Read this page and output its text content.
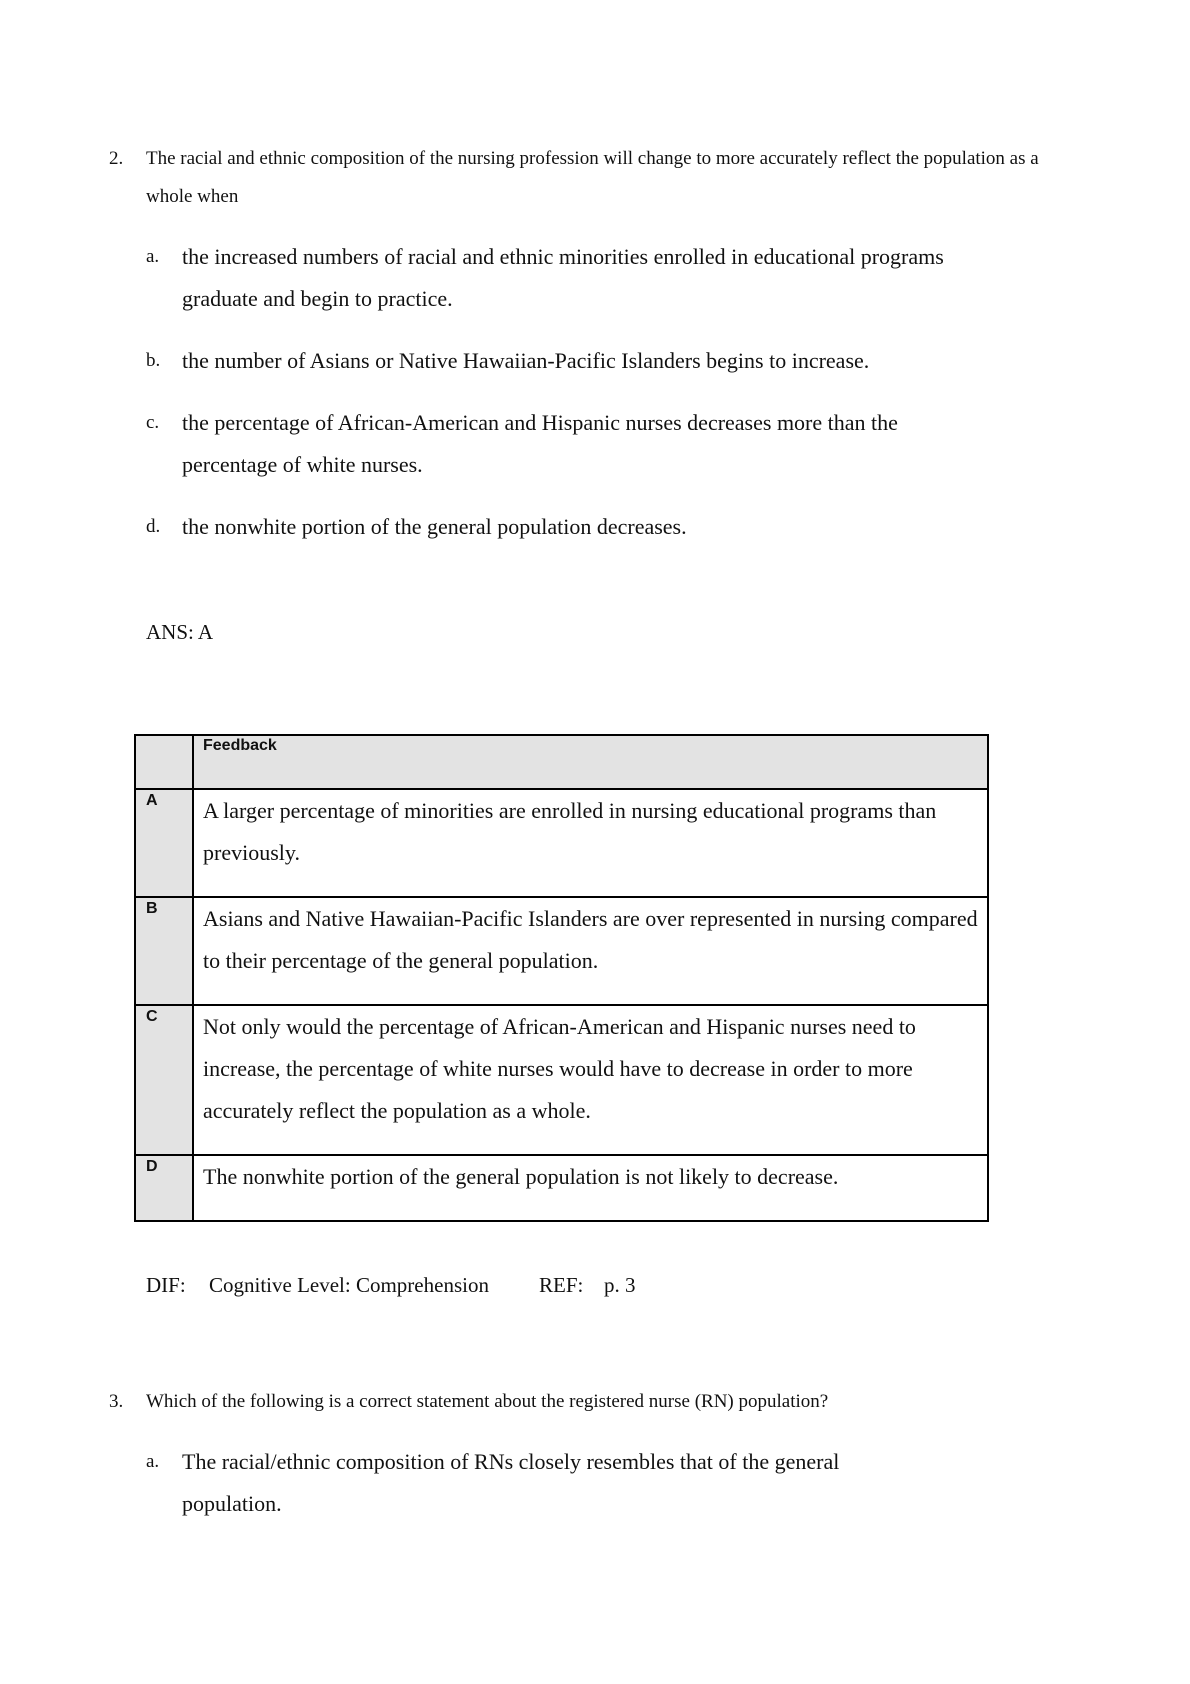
2. The racial and ethnic composition of the nursing profession will change to more accurately reflect the population as a whole when
a. the increased numbers of racial and ethnic minorities enrolled in educational programs graduate and begin to practice.
b. the number of Asians or Native Hawaiian-Pacific Islanders begins to increase.
c. the percentage of African-American and Hispanic nurses decreases more than the percentage of white nurses.
d. the nonwhite portion of the general population decreases.
ANS: A
	Feedback
A	A larger percentage of minorities are enrolled in nursing educational programs than previously.
B	Asians and Native Hawaiian-Pacific Islanders are over represented in nursing compared to their percentage of the general population.
C	Not only would the percentage of African-American and Hispanic nurses need to increase, the percentage of white nurses would have to decrease in order to more accurately reflect the population as a whole.
D	The nonwhite portion of the general population is not likely to decrease.
DIF: Cognitive Level: Comprehension REF: p. 3
3. Which of the following is a correct statement about the registered nurse (RN) population?
a. The racial/ethnic composition of RNs closely resembles that of the general population.
